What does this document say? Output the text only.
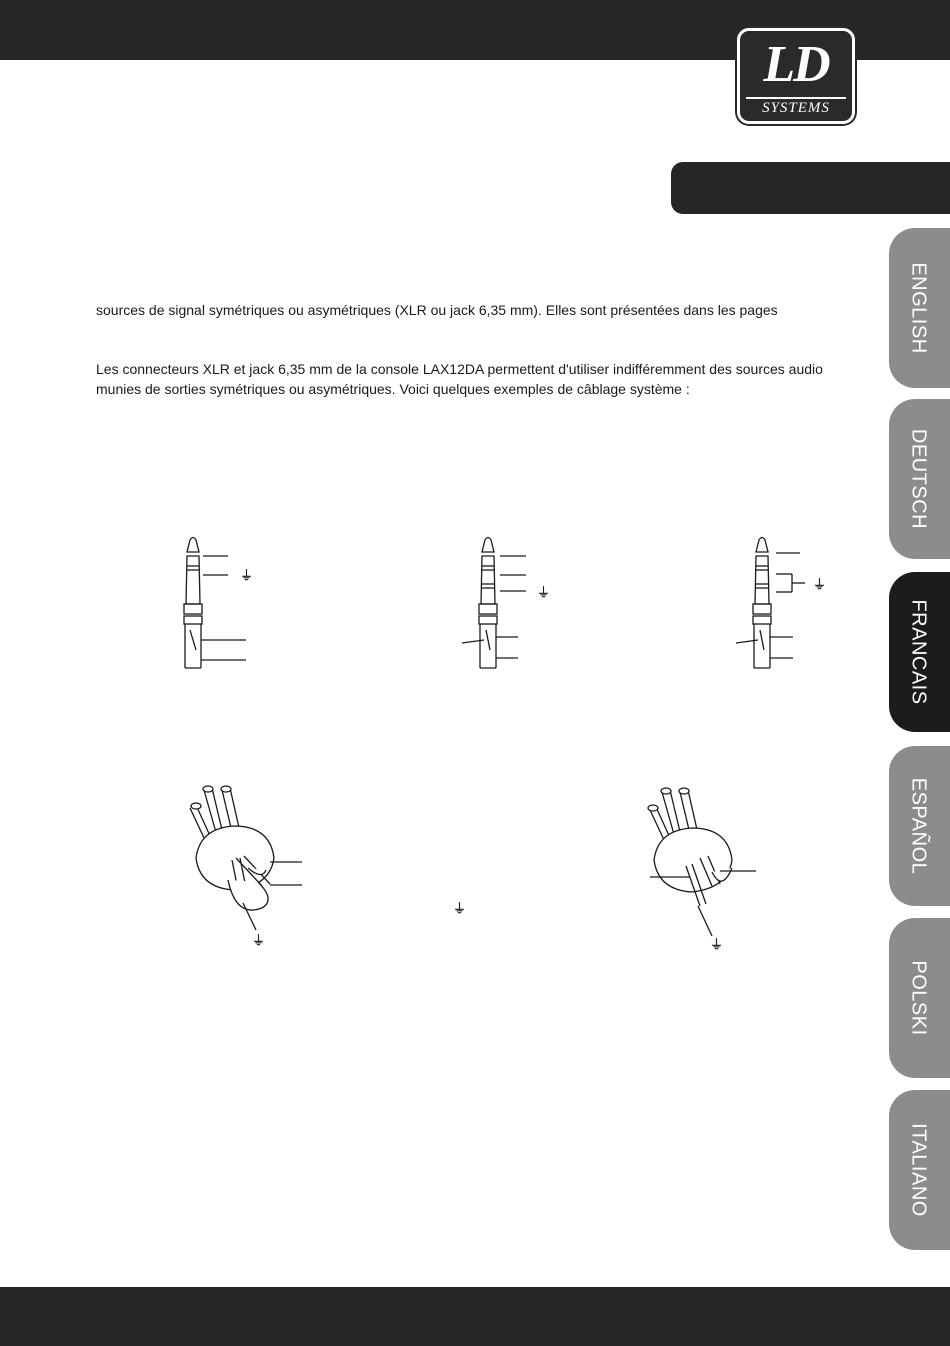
LD
SYSTEMS

sources de signal symétriques ou asymétriques (XLR ou jack 6,35 mm). Elles sont présentées dans les pages

Les connecteurs XLR et jack 6,35 mm de la console LAX12DA permettent d'utiliser indifféremment des sources audio munies de sorties symétriques ou asymétriques. Voici quelques exemples de câblage système :

ENGLISH
DEUTSCH
FRANCAIS
ESPAÑOL
POLSKI
ITALIANO
⏚
⏚
⏚
⏚
⏚
⏚
